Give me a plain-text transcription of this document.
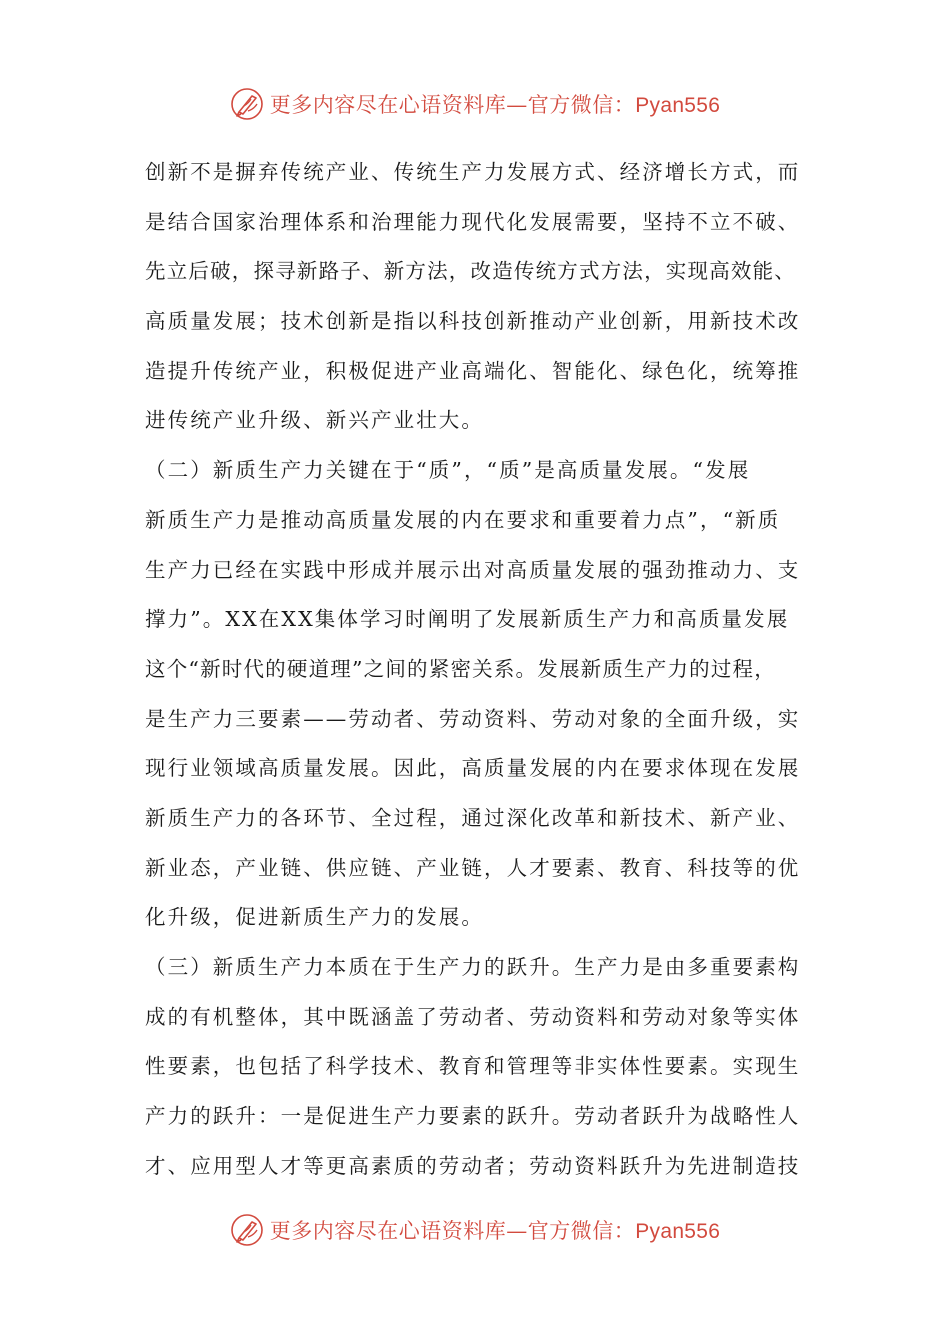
更多内容尽在心语资料库—官方微信：Pyan556
创新不是摒弃传统产业、传统生产力发展方式、经济增长方式，而
是结合国家治理体系和治理能力现代化发展需要，坚持不立不破、
先立后破，探寻新路子、新方法，改造传统方式方法，实现高效能、
高质量发展；技术创新是指以科技创新推动产业创新，用新技术改
造提升传统产业，积极促进产业高端化、智能化、绿色化，统筹推
进传统产业升级、新兴产业壮大。
（二）新质生产力关键在于“质”，“质”是高质量发展。“发展
新质生产力是推动高质量发展的内在要求和重要着力点”，“新质
生产力已经在实践中形成并展示出对高质量发展的强劲推动力、支
撑力”。XX在XX集体学习时阐明了发展新质生产力和高质量发展
这个“新时代的硬道理”之间的紧密关系。发展新质生产力的过程，
是生产力三要素——劳动者、劳动资料、劳动对象的全面升级，实
现行业领域高质量发展。因此，高质量发展的内在要求体现在发展
新质生产力的各环节、全过程，通过深化改革和新技术、新产业、
新业态，产业链、供应链、产业链，人才要素、教育、科技等的优
化升级，促进新质生产力的发展。
（三）新质生产力本质在于生产力的跃升。生产力是由多重要素构
成的有机整体，其中既涵盖了劳动者、劳动资料和劳动对象等实体
性要素，也包括了科学技术、教育和管理等非实体性要素。实现生
产力的跃升：一是促进生产力要素的跃升。劳动者跃升为战略性人
才、应用型人才等更高素质的劳动者；劳动资料跃升为先进制造技
更多内容尽在心语资料库—官方微信：Pyan556
